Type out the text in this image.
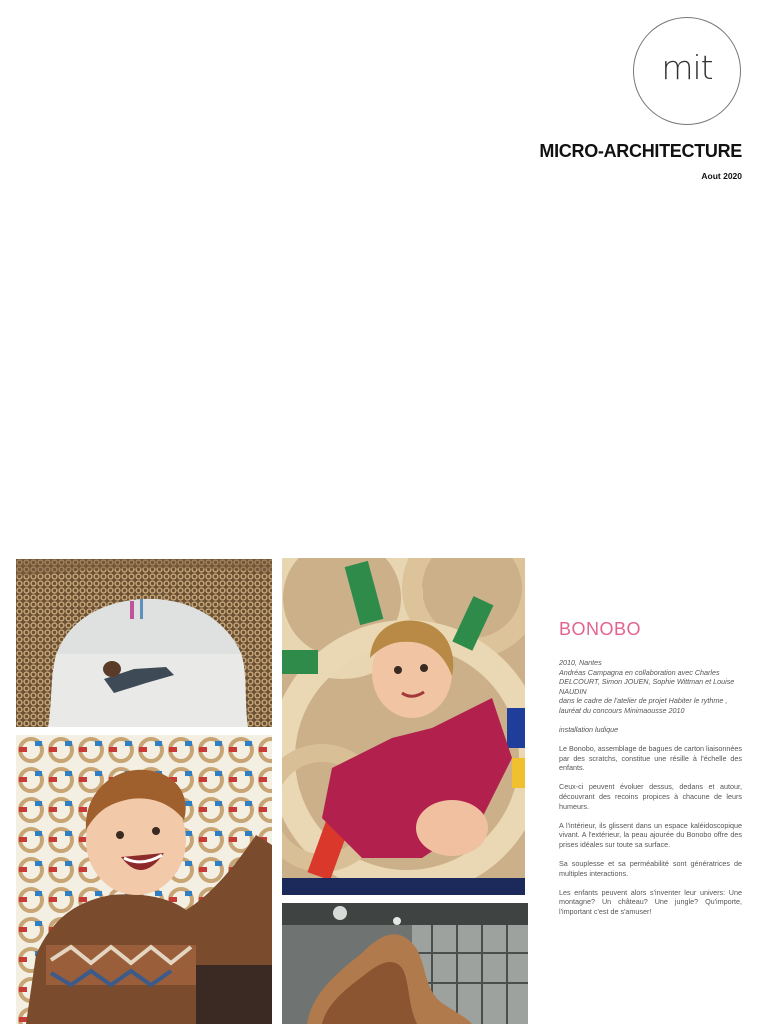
mit
MICRO-ARCHITECTURE
Aout 2020
BONOBO
2010, Nantes
Andréas Campagna en collaboration avec Charles
DELCOURT, Simon JOUEN, Sophie Wittman et Louise NAUDIN
dans le cadre de l'atelier de projet Habiter le rythme ,
lauréat du concours Minimaousse 2010

installation ludique

Le Bonobo, assemblage de bagues de carton liaisonnées par des scratchs, constitue une résille à l'échelle des enfants.

Ceux-ci peuvent évoluer dessus, dedans et autour, découvrant des recoins propices à chacune de leurs humeurs.

A l'intérieur, ils glissent dans un espace kaléidoscopique vivant. A l'extérieur, la peau ajourée du Bonobo offre des prises idéales sur toute sa surface.

Sa souplesse et sa perméabilité sont génératrices de multiples interactions.

Les enfants peuvent alors s'inventer leur univers: Une montagne? Un château? Une jungle? Qu'importe, l'important c'est de s'amuser!
